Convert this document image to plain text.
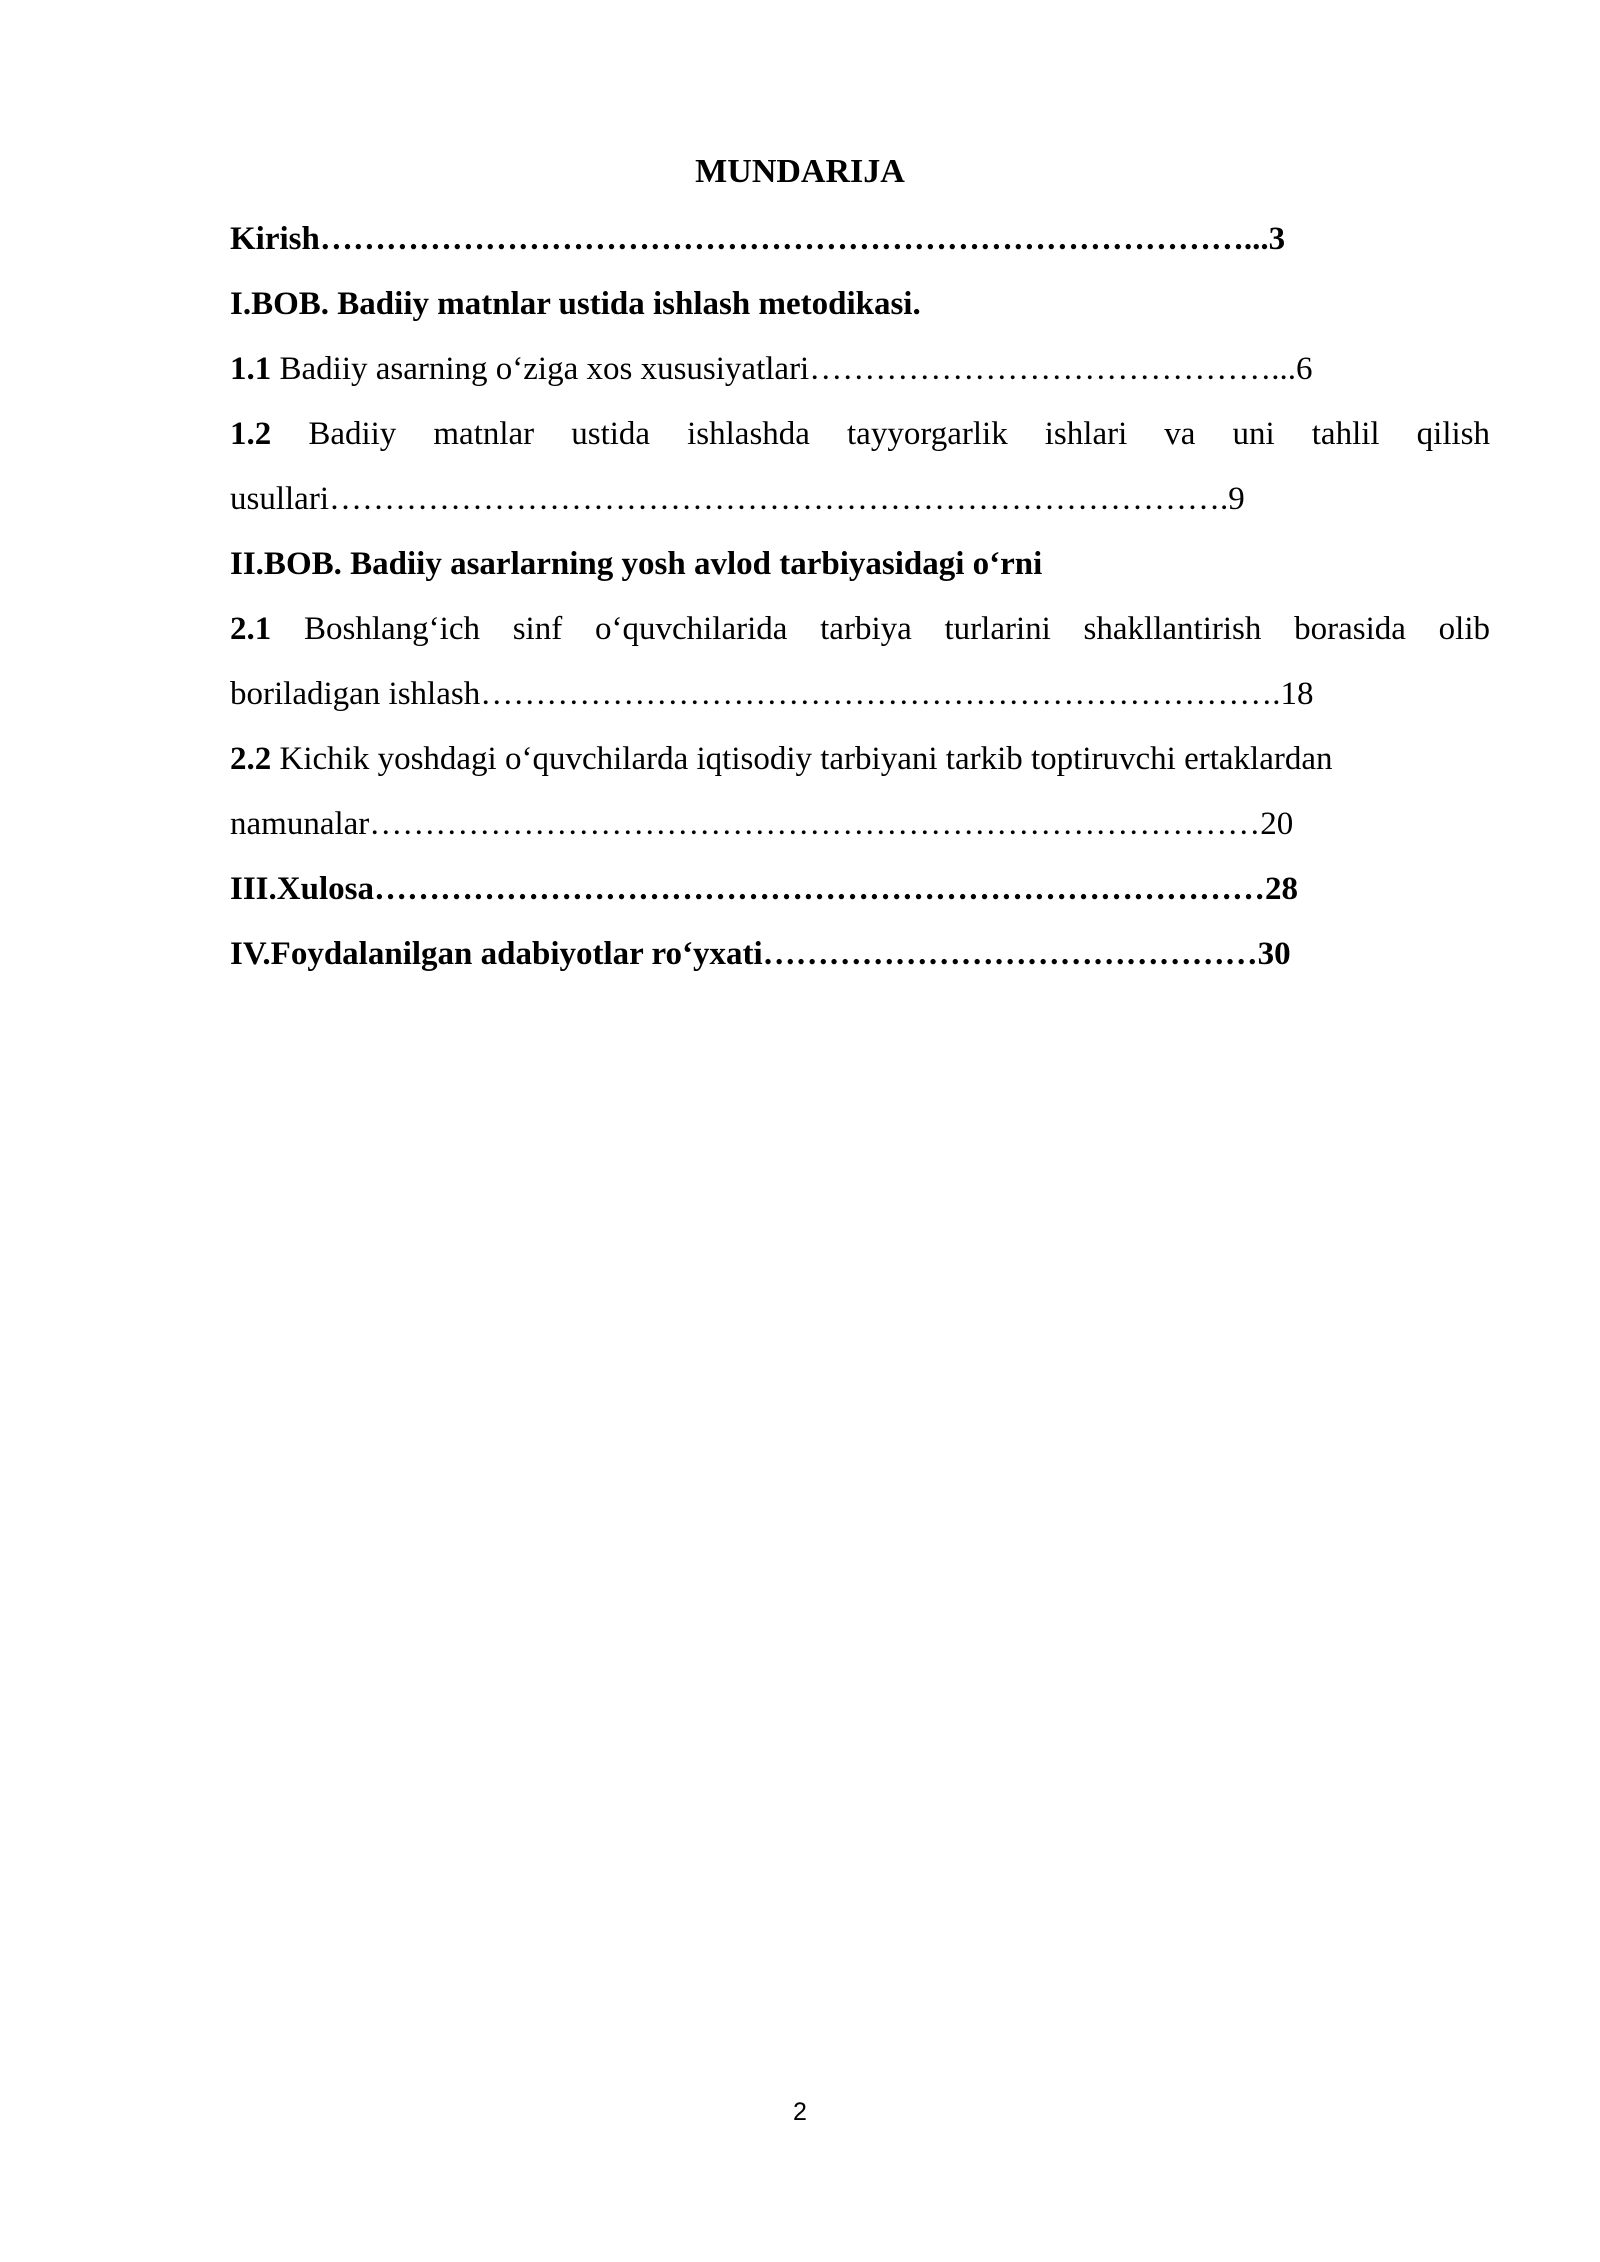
MUNDARIJA
Kirish…………………………………………………………………………...3
I.BOB. Badiiy matnlar ustida ishlash metodikasi.
1.1 Badiiy asarning o‘ziga xos xususiyatlari……………………………………...6
1.2 Badiiy matnlar ustida ishlashda tayyorgarlik ishlari va uni tahlil qilish
usullari……………………………………………………………………….9
II.BOB. Badiiy asarlarning yosh avlod tarbiyasidagi o‘rni
2.1 Boshlang‘ich sinf o‘quvchilarida tarbiya turlarini shakllantirish borasida olib
boriladigan ishlash……………………………………………………………….18
2.2 Kichik yoshdagi o‘quvchilarda iqtisodiy tarbiyani tarkib toptiruvchi ertaklardan
namunalar………………………………………………………………………20
III.Xulosa………………………………………………………………………28
IV.Foydalanilgan adabiyotlar ro‘yxati………………………………………30
2
